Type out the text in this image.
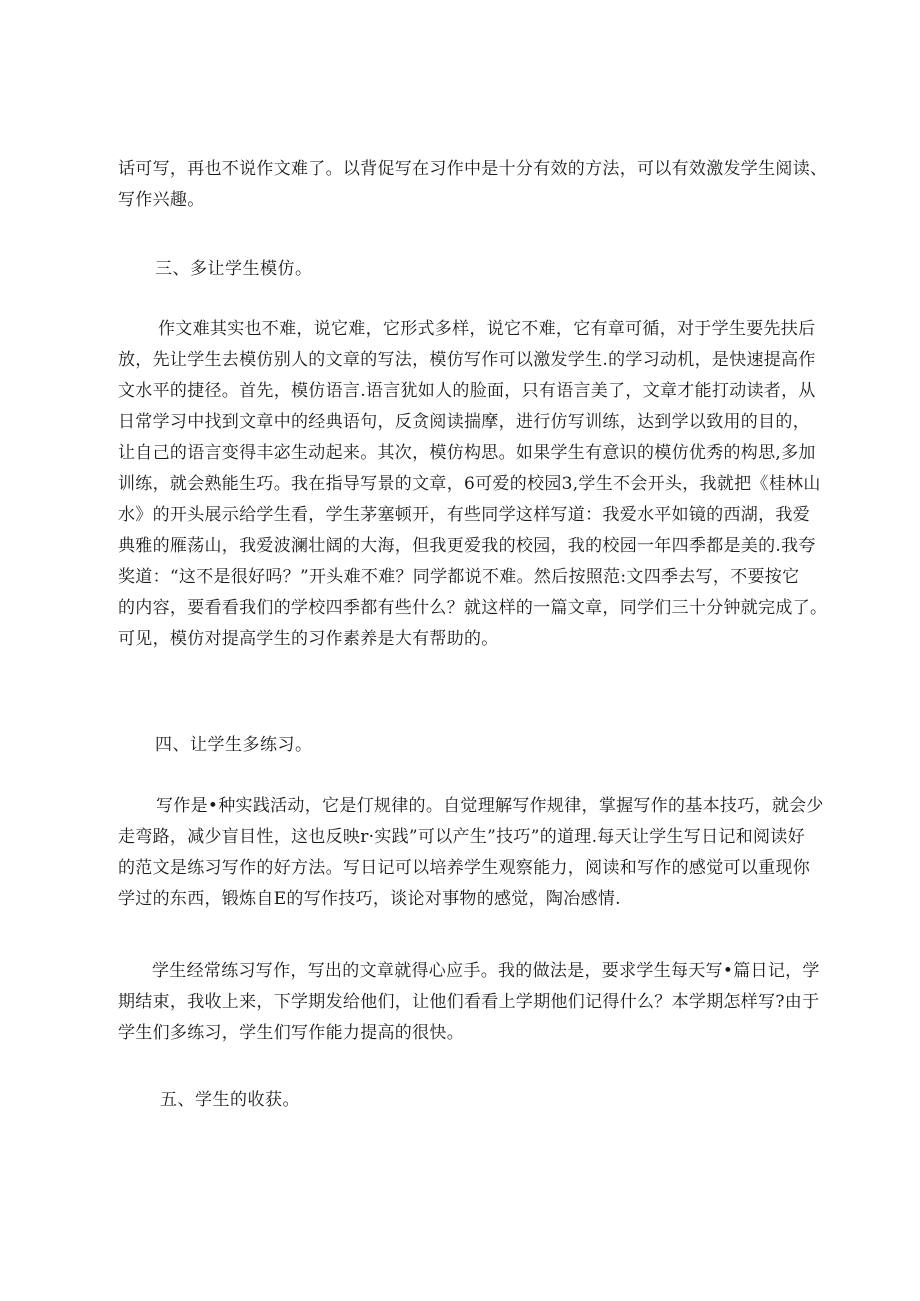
话可写，再也不说作文难了。以背促写在习作中是十分有效的方法，可以有效激发学生阅读、
写作兴趣。
三、多让学生模仿。
作文难其实也不难，说它难，它形式多样，说它不难，它有章可循，对于学生要先扶后
放，先让学生去模仿别人的文章的写法，模仿写作可以激发学生.的学习动机，是快速提高作
文水平的捷径。首先，模仿语言.语言犹如人的脸面，只有语言美了，文章才能打动读者，从
日常学习中找到文章中的经典语句，反贪阅读揣摩，进行仿写训练，达到学以致用的目的，
让自己的语言变得丰宓生动起来。其次，模仿构思。如果学生有意识的模仿优秀的构思,多加
训练，就会熟能生巧。我在指导写景的文章，6可爱的校园3,学生不会开头，我就把《桂林山
水》的开头展示给学生看，学生茅塞顿开，有些同学这样写道：我爱水平如镜的西湖，我爱
典雅的雁荡山，我爱波澜壮阔的大海，但我更爱我的校园，我的校园一年四季都是美的.我夸
奖道：“这不是很好吗？”开头难不难？同学都说不难。然后按照范:文四季去写，不要按它
的内容，要看看我们的学校四季都有些什么？就这样的一篇文章，同学们三十分钟就完成了。
可见，模仿对提高学生的习作素养是大有帮助的。
四、让学生多练习。
写作是•种实践活动，它是仃规律的。自觉理解写作规律，掌握写作的基本技巧，就会少
走弯路，减少盲目性，这也反映r·实践”可以产生”技巧”的道理.每天让学生写日记和阅读好
的范文是练习写作的好方法。写日记可以培养学生观察能力，阅读和写作的感觉可以重现你
学过的东西，锻炼自E的写作技巧，谈论对事物的感觉，陶冶感情.
学生经常练习写作，写出的文章就得心应手。我的做法是，要求学生每天写•篇日记，学
期结束，我收上来，下学期发给他们，让他们看看上学期他们记得什么？本学期怎样写?由于
学生们多练习，学生们写作能力提高的很快。
五、学生的收获。
